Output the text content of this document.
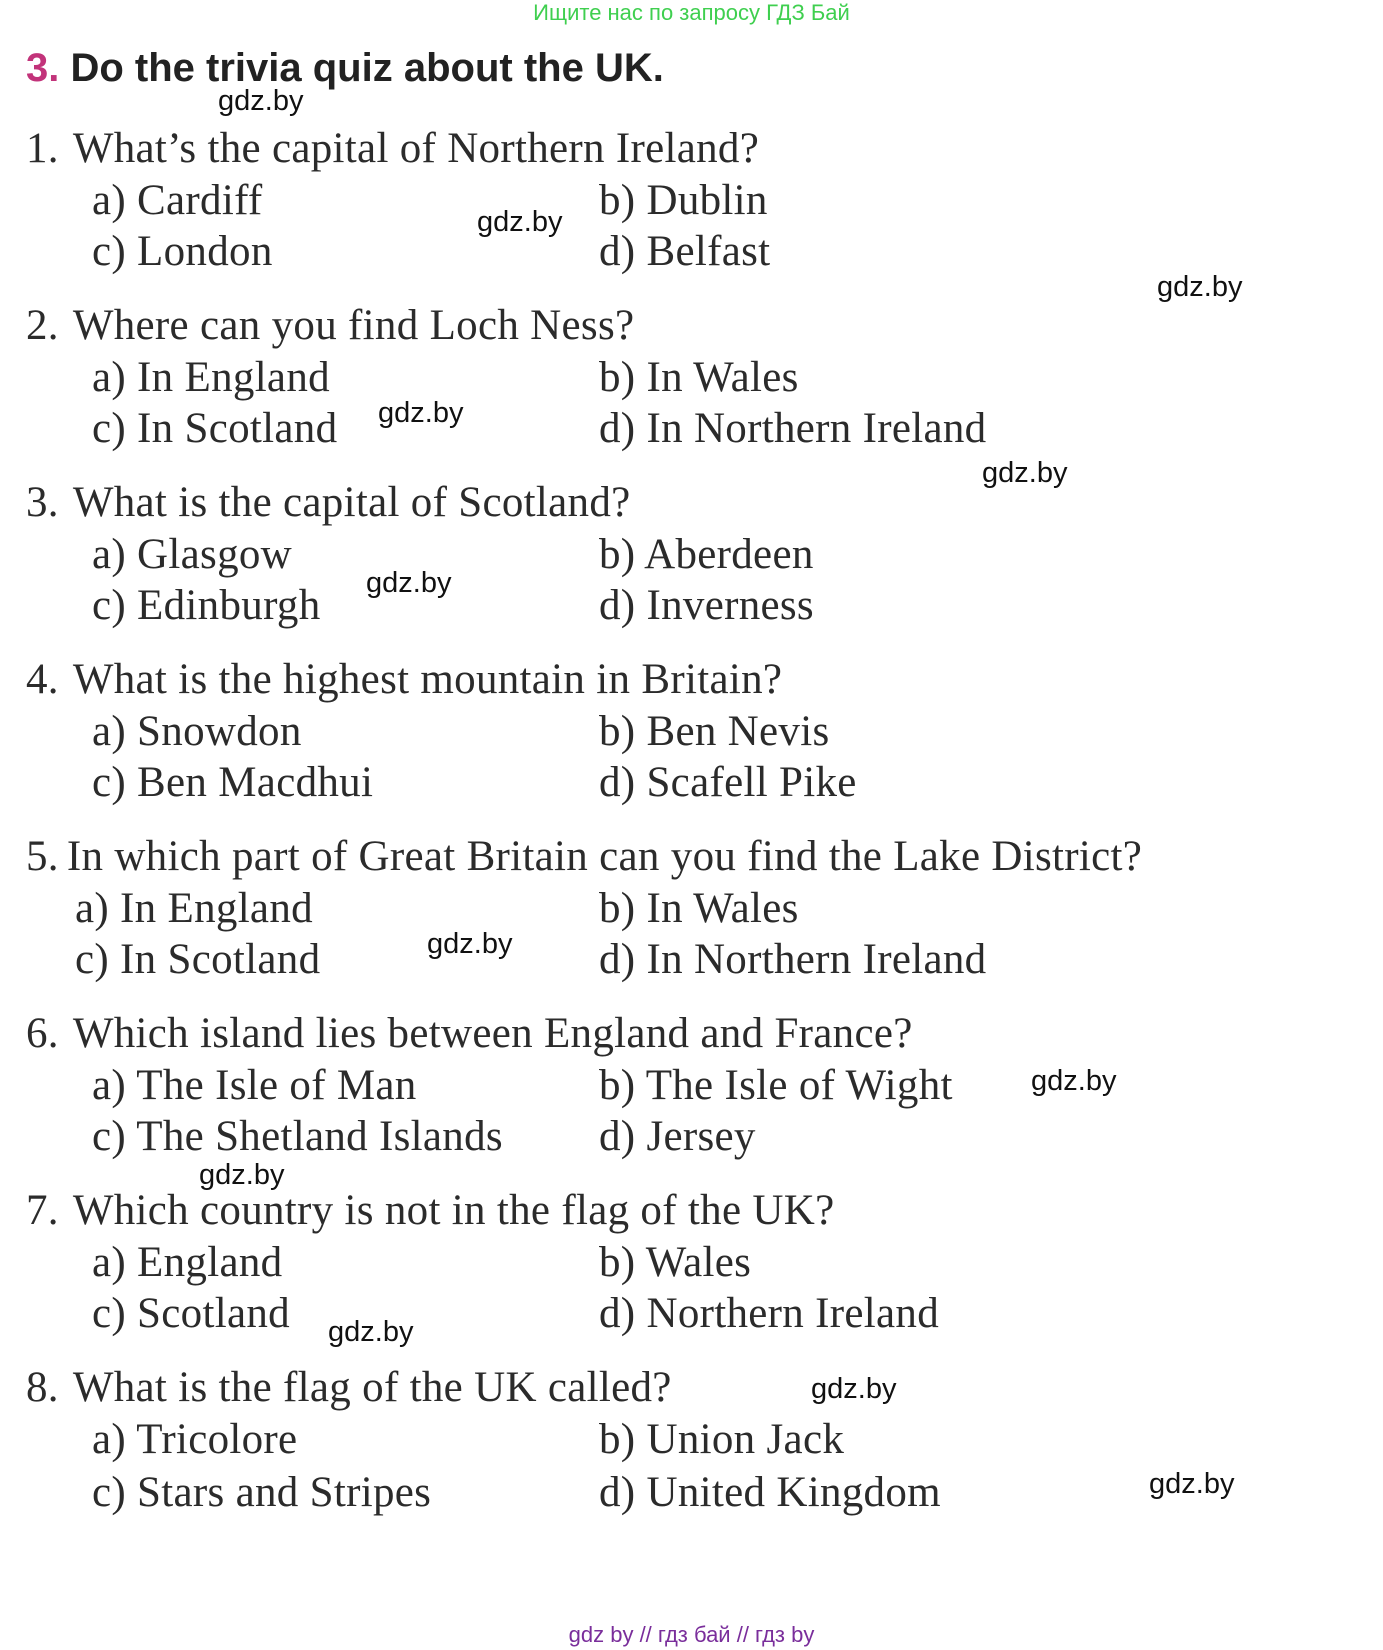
Ищите нас по запросу ГДЗ Бай
3. Do the trivia quiz about the UK.
1. What’s the capital of Northern Ireland?
a) Cardiff	b) Dublin
c) London	d) Belfast
2. Where can you find Loch Ness?
a) In England	b) In Wales
c) In Scotland	d) In Northern Ireland
3. What is the capital of Scotland?
a) Glasgow	b) Aberdeen
c) Edinburgh	d) Inverness
4. What is the highest mountain in Britain?
a) Snowdon	b) Ben Nevis
c) Ben Macdhui	d) Scafell Pike
5. In which part of Great Britain can you find the Lake District?
a) In England	b) In Wales
c) In Scotland	d) In Northern Ireland
6. Which island lies between England and France?
a) The Isle of Man	b) The Isle of Wight
c) The Shetland Islands d) Jersey
7. Which country is not in the flag of the UK?
a) England	b) Wales
c) Scotland	d) Northern Ireland
8. What is the flag of the UK called?
a) Tricolore	b) Union Jack
c) Stars and Stripes	d) United Kingdom
gdz.by
gdz.by
gdz.by
gdz.by
gdz.by
gdz.by
gdz.by
gdz.by
gdz.by
gdz.by
gdz.by
gdz.by
gdz by // гдз бай // гдз by
